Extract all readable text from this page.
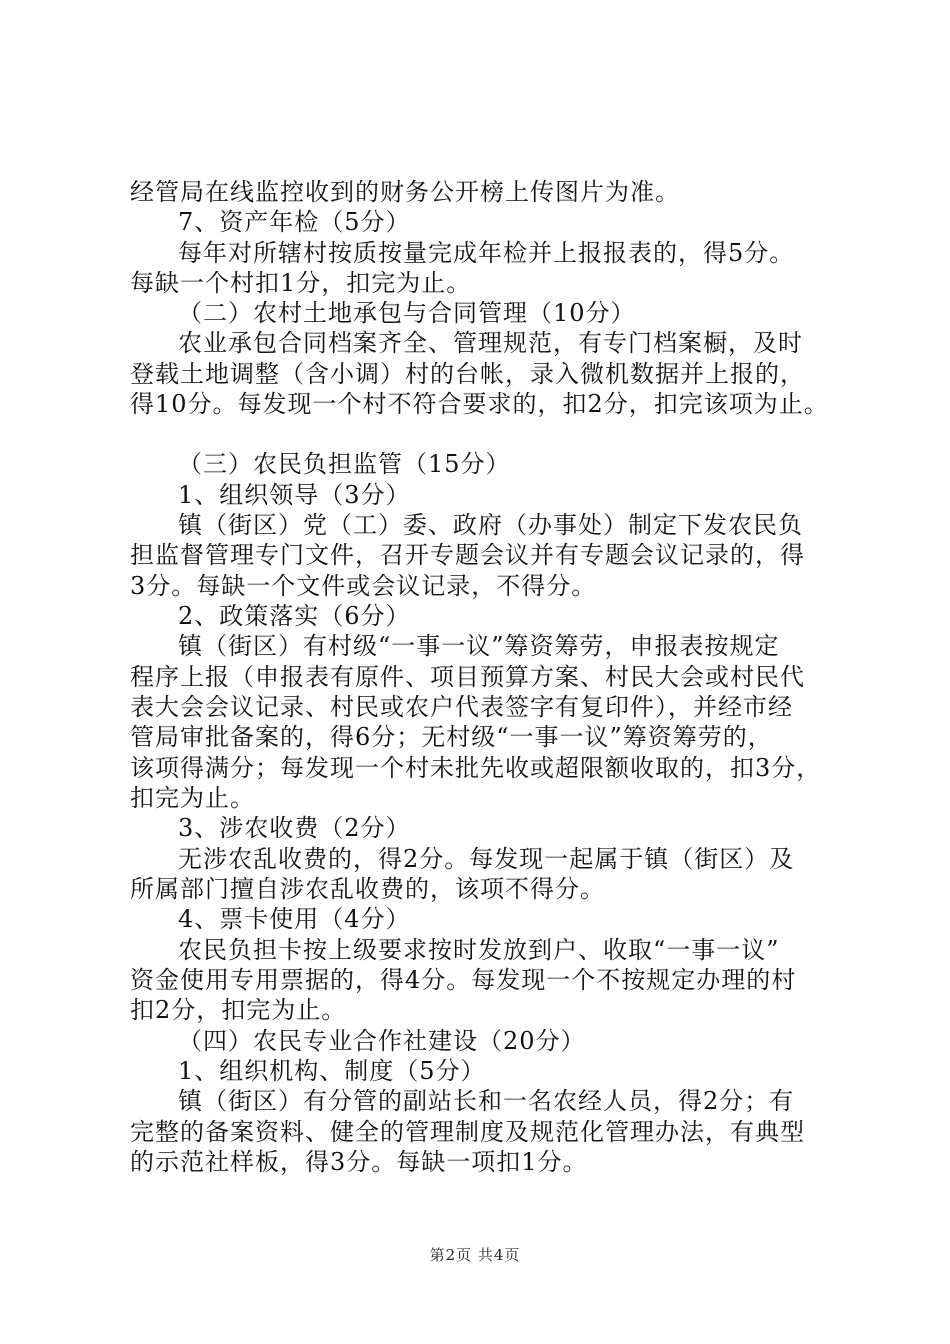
经管局在线监控收到的财务公开榜上传图片为准。
7、资产年检（5分）
每年对所辖村按质按量完成年检并上报报表的，得5分。
每缺一个村扣1分，扣完为止。
（二）农村土地承包与合同管理（10分）
农业承包合同档案齐全、管理规范，有专门档案橱，及时
登载土地调整（含小调）村的台帐，录入微机数据并上报的，
得10分。每发现一个村不符合要求的，扣2分，扣完该项为止。
（三）农民负担监管（15分）
1、组织领导（3分）
镇（街区）党（工）委、政府（办事处）制定下发农民负
担监督管理专门文件，召开专题会议并有专题会议记录的，得
3分。每缺一个文件或会议记录，不得分。
2、政策落实（6分）
镇（街区）有村级“一事一议”筹资筹劳，申报表按规定
程序上报（申报表有原件、项目预算方案、村民大会或村民代
表大会会议记录、村民或农户代表签字有复印件），并经市经
管局审批备案的，得6分；无村级“一事一议”筹资筹劳的，
该项得满分；每发现一个村未批先收或超限额收取的，扣3分，
扣完为止。
3、涉农收费（2分）
无涉农乱收费的，得2分。每发现一起属于镇（街区）及
所属部门擅自涉农乱收费的，该项不得分。
4、票卡使用（4分）
农民负担卡按上级要求按时发放到户、收取“一事一议”
资金使用专用票据的，得4分。每发现一个不按规定办理的村
扣2分，扣完为止。
（四）农民专业合作社建设（20分）
1、组织机构、制度（5分）
镇（街区）有分管的副站长和一名农经人员，得2分；有
完整的备案资料、健全的管理制度及规范化管理办法，有典型
的示范社样板，得3分。每缺一项扣1分。
第2页 共4页
